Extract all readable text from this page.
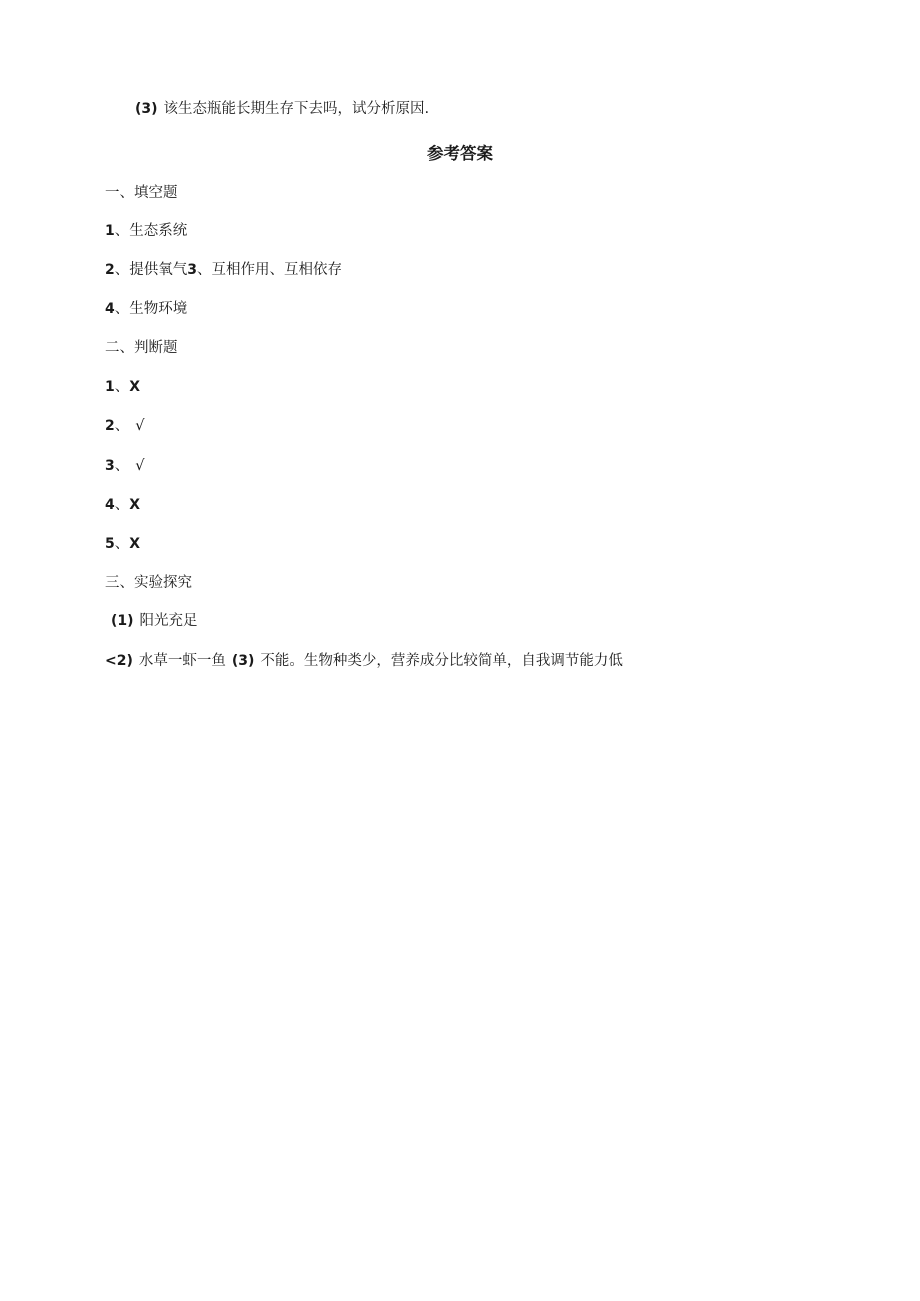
(3) 该生态瓶能长期生存下去吗，试分析原因.
参考答案
一、填空题
1、生态系统
2、提供氧气3、互相作用、互相依存
4、生物环境
二、判断题
1、X
2、 √
3、 √
4、X
5、X
三、实验探究
(1) 阳光充足
<2) 水草一虾一鱼 (3) 不能。生物种类少，营养成分比较简单，自我调节能力低
